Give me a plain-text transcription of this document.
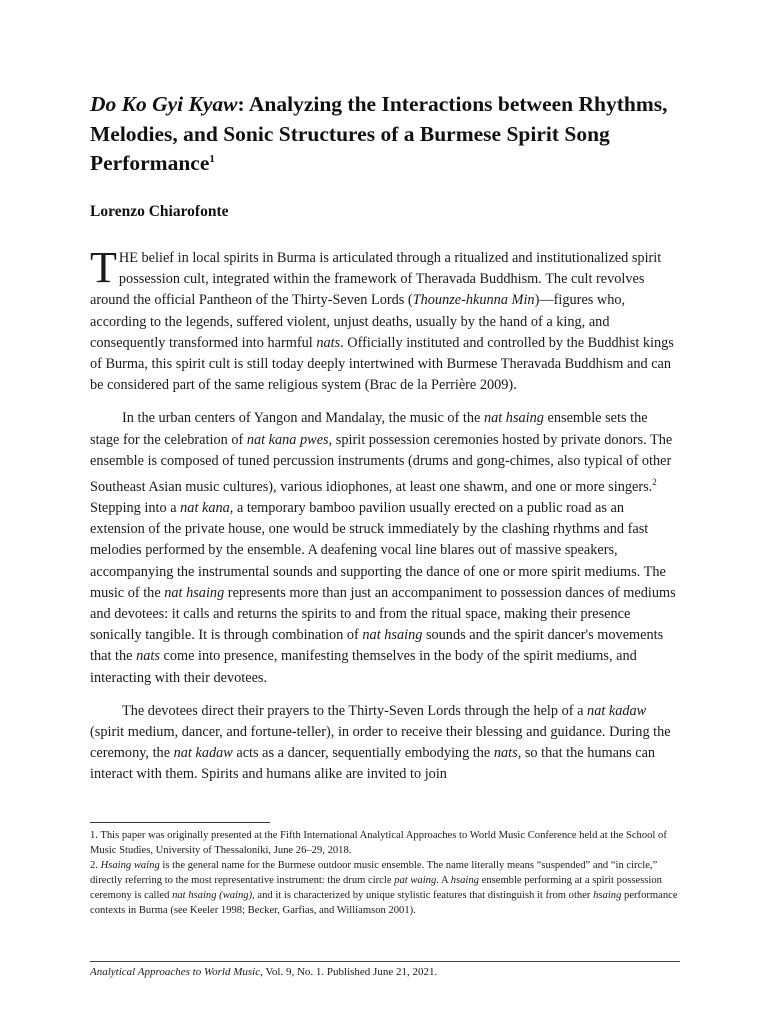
Do Ko Gyi Kyaw: Analyzing the Interactions between Rhythms, Melodies, and Sonic Structures of a Burmese Spirit Song Performance$^1$

Lorenzo Chiarofonte

THE belief in local spirits in Burma is articulated through a ritualized and institutionalized spirit possession cult, integrated within the framework of Theravada Buddhism. The cult revolves around the official Pantheon of the Thirty-Seven Lords (Thounze-hkunna Min)—figures who, according to the legends, suffered violent, unjust deaths, usually by the hand of a king, and consequently transformed into harmful nats. Officially instituted and controlled by the Buddhist kings of Burma, this spirit cult is still today deeply intertwined with Burmese Theravada Buddhism and can be considered part of the same religious system (Brac de la Perrière 2009).

In the urban centers of Yangon and Mandalay, the music of the nat hsaing ensemble sets the stage for the celebration of nat kana pwes, spirit possession ceremonies hosted by private donors. The ensemble is composed of tuned percussion instruments (drums and gong-chimes, also typical of other Southeast Asian music cultures), various idiophones, at least one shawm, and one or more singers.$^2$ Stepping into a nat kana, a temporary bamboo pavilion usually erected on a public road as an extension of the private house, one would be struck immediately by the clashing rhythms and fast melodies performed by the ensemble. A deafening vocal line blares out of massive speakers, accompanying the instrumental sounds and supporting the dance of one or more spirit mediums. The music of the nat hsaing represents more than just an accompaniment to possession dances of mediums and devotees: it calls and returns the spirits to and from the ritual space, making their presence sonically tangible. It is through combination of nat hsaing sounds and the spirit dancer's movements that the nats come into presence, manifesting themselves in the body of the spirit mediums, and interacting with their devotees.

The devotees direct their prayers to the Thirty-Seven Lords through the help of a nat kadaw (spirit medium, dancer, and fortune-teller), in order to receive their blessing and guidance. During the ceremony, the nat kadaw acts as a dancer, sequentially embodying the nats, so that the humans can interact with them. Spirits and humans alike are invited to join

1. This paper was originally presented at the Fifth International Analytical Approaches to World Music Conference held at the School of Music Studies, University of Thessaloniki, June 26–29, 2018.

2. Hsaing waing is the general name for the Burmese outdoor music ensemble. The name literally means “suspended” and “in circle,” directly referring to the most representative instrument: the drum circle pat waing. A hsaing ensemble performing at a spirit possession ceremony is called nat hsaing (waing), and it is characterized by unique stylistic features that distinguish it from other hsaing performance contexts in Burma (see Keeler 1998; Becker, Garfias, and Williamson 2001).

Analytical Approaches to World Music, Vol. 9, No. 1. Published June 21, 2021.
